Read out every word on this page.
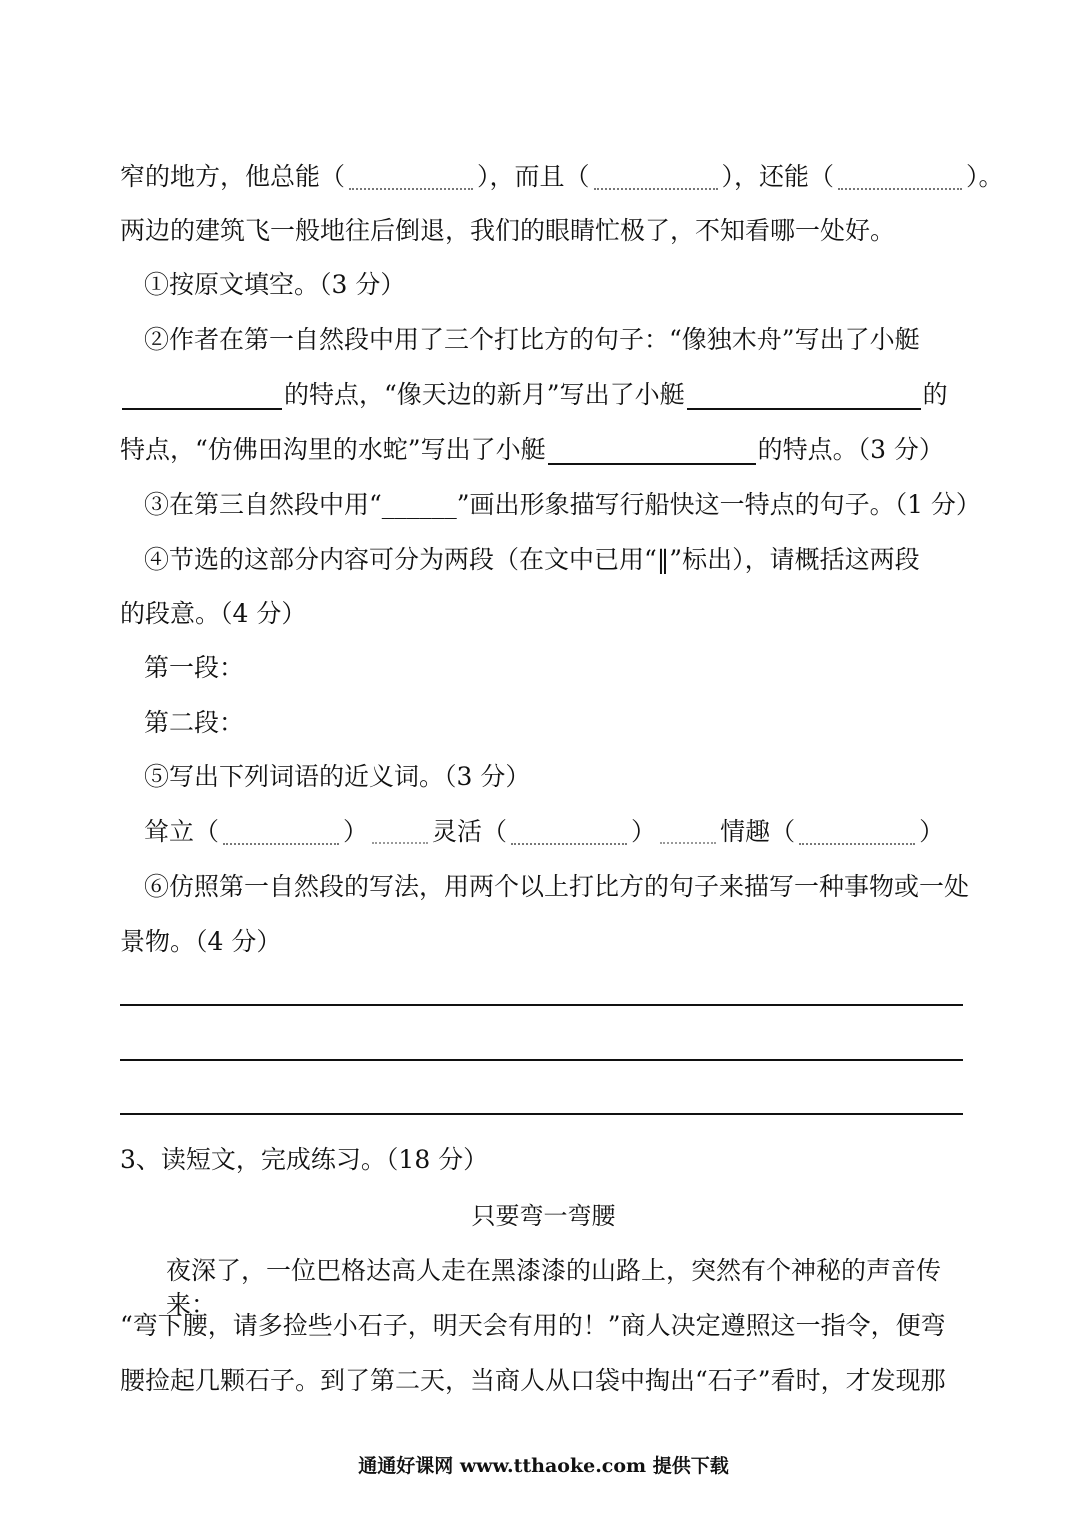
窄的地方，他总能（	），而且（	），还能（	）。
两边的建筑飞一般地往后倒退，我们的眼睛忙极了，不知看哪一处好。
①按原文填空。（3 分）
②作者在第一自然段中用了三个打比方的句子：“像独木舟”写出了小艇
的特点，“像天边的新月”写出了小艇	的
特点，“仿佛田沟里的水蛇”写出了小艇	的特点。（3 分）
③在第三自然段中用“______”画出形象描写行船快这一特点的句子。（1 分）
④节选的这部分内容可分为两段（在文中已用“‖”标出），请概括这两段
的段意。（4 分）
第一段：
第二段：
⑤写出下列词语的近义词。（3 分）
耸立（	）	灵活（	）	情趣（	）
⑥仿照第一自然段的写法，用两个以上打比方的句子来描写一种事物或一处
景物。（4 分）
3、读短文，完成练习。（18 分）
只要弯一弯腰
夜深了，一位巴格达高人走在黑漆漆的山路上，突然有个神秘的声音传来：
“弯下腰，请多捡些小石子，明天会有用的！”商人决定遵照这一指令，便弯
腰捡起几颗石子。到了第二天，当商人从口袋中掏出“石子”看时，才发现那
通通好课网 www.tthaoke.com 提供下载
